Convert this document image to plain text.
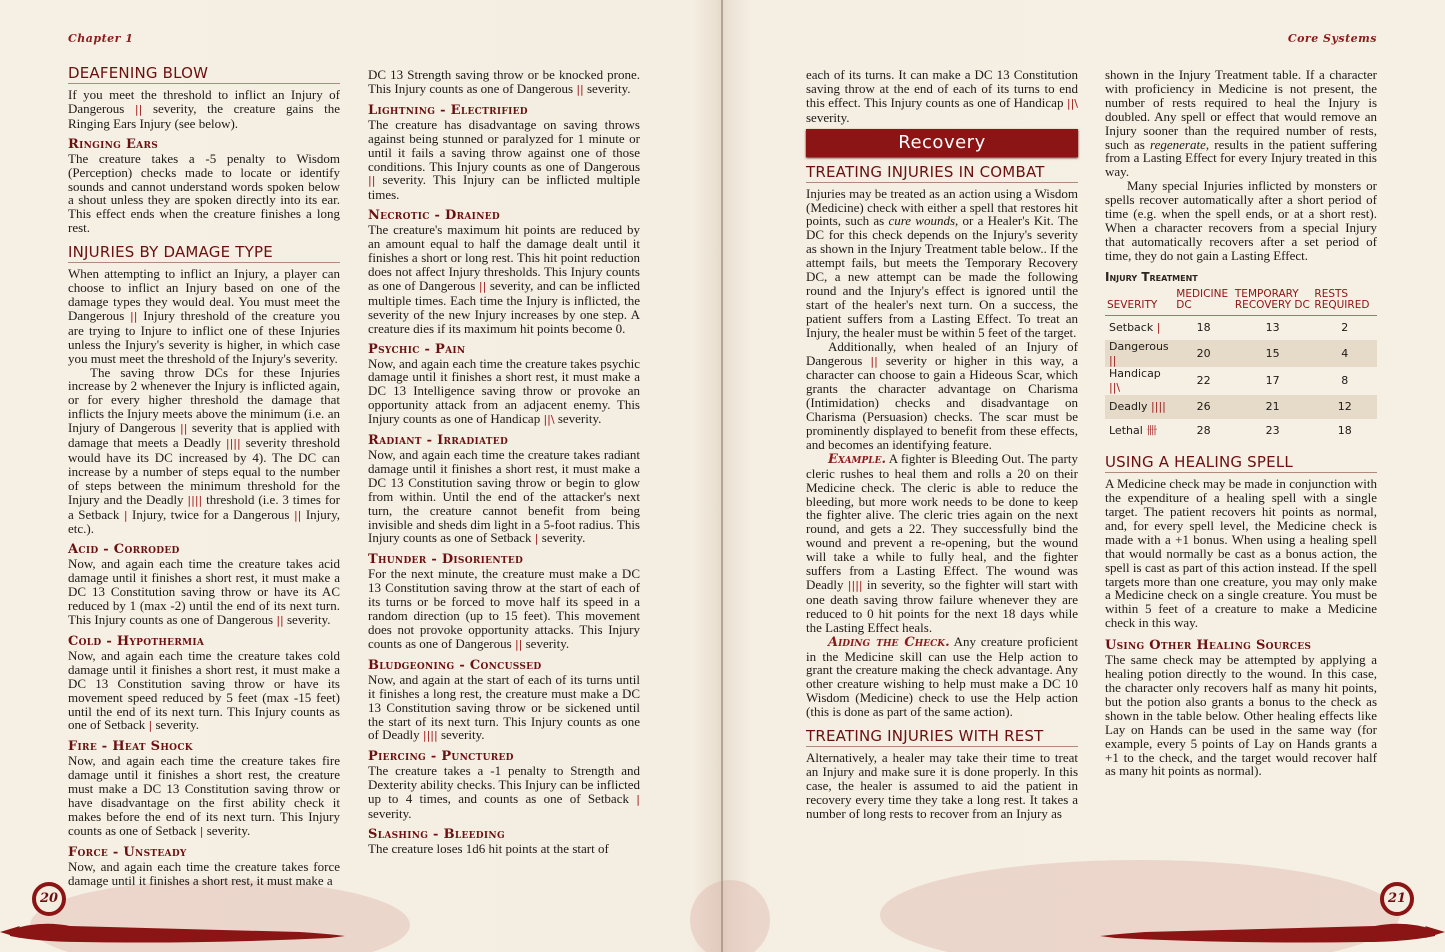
Chapter 1	Core Systems
DEAFENING BLOW

If you meet the threshold to inflict an Injury of Dangerous || severity, the creature gains the Ringing Ears Injury (see below).

Ringing Ears

The creature takes a -5 penalty to Wisdom (Perception) checks made to locate or identify sounds and cannot understand words spoken below a shout unless they are spoken directly into its ear. This effect ends when the creature finishes a long rest.

INJURIES BY DAMAGE TYPE

When attempting to inflict an Injury, a player can choose to inflict an Injury based on one of the damage types they would deal. You must meet the Dangerous || Injury threshold of the creature you are trying to Injure to inflict one of these Injuries unless the Injury's severity is higher, in which case you must meet the threshold of the Injury's severity.

The saving throw DCs for these Injuries increase by 2 whenever the Injury is inflicted again, or for every higher threshold the damage that inflicts the Injury meets above the minimum (i.e. an Injury of Dangerous || severity that is applied with damage that meets a Deadly |||| severity threshold would have its DC increased by 4). The DC can increase by a number of steps equal to the number of steps between the minimum threshold for the Injury and the Deadly |||| threshold (i.e. 3 times for a Setback | Injury, twice for a Dangerous || Injury, etc.).

Acid - Corroded

Now, and again each time the creature takes acid damage until it finishes a short rest, it must make a DC 13 Constitution saving throw or have its AC reduced by 1 (max -2) until the end of its next turn. This Injury counts as one of Dangerous || severity.

Cold - Hypothermia

Now, and again each time the creature takes cold damage until it finishes a short rest, it must make a DC 13 Constitution saving throw or have its movement speed reduced by 5 feet (max -15 feet) until the end of its next turn. This Injury counts as one of Setback | severity.

Fire - Heat Shock

Now, and again each time the creature takes fire damage until it finishes a short rest, the creature must make a DC 13 Constitution saving throw or have disadvantage on the first ability check it makes before the end of its next turn. This Injury counts as one of Setback | severity.

Force - Unsteady

Now, and again each time the creature takes force damage until it finishes a short rest, it must make a

DC 13 Strength saving throw or be knocked prone. This Injury counts as one of Dangerous || severity.

Lightning - Electrified

The creature has disadvantage on saving throws against being stunned or paralyzed for 1 minute or until it fails a saving throw against one of those conditions. This Injury counts as one of Dangerous || severity. This Injury can be inflicted multiple times.

Necrotic - Drained

The creature's maximum hit points are reduced by an amount equal to half the damage dealt until it finishes a short or long rest. This hit point reduction does not affect Injury thresholds. This Injury counts as one of Dangerous || severity, and can be inflicted multiple times. Each time the Injury is inflicted, the severity of the new Injury increases by one step. A creature dies if its maximum hit points become 0.

Psychic - Pain

Now, and again each time the creature takes psychic damage until it finishes a short rest, it must make a DC 13 Intelligence saving throw or provoke an opportunity attack from an adjacent enemy. This Injury counts as one of Handicap ||\ severity.

Radiant - Irradiated

Now, and again each time the creature takes radiant damage until it finishes a short rest, it must make a DC 13 Constitution saving throw or begin to glow from within. Until the end of the attacker's next turn, the creature cannot benefit from being invisible and sheds dim light in a 5-foot radius. This Injury counts as one of Setback | severity.

Thunder - Disoriented

For the next minute, the creature must make a DC 13 Constitution saving throw at the start of each of its turns or be forced to move half its speed in a random direction (up to 15 feet). This movement does not provoke opportunity attacks. This Injury counts as one of Dangerous || severity.

Bludgeoning - Concussed

Now, and again at the start of each of its turns until it finishes a long rest, the creature must make a DC 13 Constitution saving throw or be sickened until the start of its next turn. This Injury counts as one of Deadly |||| severity.

Piercing - Punctured

The creature takes a -1 penalty to Strength and Dexterity ability checks. This Injury can be inflicted up to 4 times, and counts as one of Setback | severity.

Slashing - Bleeding

The creature loses 1d6 hit points at the start of

each of its turns. It can make a DC 13 Constitution saving throw at the end of each of its turns to end this effect. This Injury counts as one of Handicap ||\ severity.

Recovery
TREATING INJURIES IN COMBAT

Injuries may be treated as an action using a Wisdom (Medicine) check with either a spell that restores hit points, such as cure wounds, or a Healer's Kit. The DC for this check depends on the Injury's severity as shown in the Injury Treatment table below.. If the attempt fails, but meets the Temporary Recovery DC, a new attempt can be made the following round and the Injury's effect is ignored until the start of the healer's next turn. On a success, the patient suffers from a Lasting Effect. To treat an Injury, the healer must be within 5 feet of the target.

Additionally, when healed of an Injury of Dangerous || severity or higher in this way, a character can choose to gain a Hideous Scar, which grants the character advantage on Charisma (Intimidation) checks and disadvantage on Charisma (Persuasion) checks. The scar must be prominently displayed to benefit from these effects, and becomes an identifying feature.

Example. A fighter is Bleeding Out. The party cleric rushes to heal them and rolls a 20 on their Medicine check. The cleric is able to reduce the bleeding, but more work needs to be done to keep the fighter alive. The cleric tries again on the next round, and gets a 22. They successfully bind the wound and prevent a re-opening, but the wound will take a while to fully heal, and the fighter suffers from a Lasting Effect. The wound was Deadly |||| in severity, so the fighter will start with one death saving throw failure whenever they are reduced to 0 hit points for the next 18 days while the Lasting Effect heals.

Aiding the Check. Any creature proficient in the Medicine skill can use the Help action to grant the creature making the check advantage. Any other creature wishing to help must make a DC 10 Wisdom (Medicine) check to use the Help action (this is done as part of the same action).

TREATING INJURIES WITH REST

Alternatively, a healer may take their time to treat an Injury and make sure it is done properly. In this case, the healer is assumed to aid the patient in recovery every time they take a long rest. It takes a number of long rests to recover from an Injury as

shown in the Injury Treatment table. If a character with proficiency in Medicine is not present, the number of rests required to heal the Injury is doubled. Any spell or effect that would remove an Injury sooner than the required number of rests, such as regenerate, results in the patient suffering from a Lasting Effect for every Injury treated in this way.

Many special Injuries inflicted by monsters or spells recover automatically after a short period of time (e.g. when the spell ends, or at a short rest). When a character recovers from a special Injury that automatically recovers after a set period of time, they do not gain a Lasting Effect.

Injury Treatment
SEVERITY	MEDICINE DC	TEMPORARY RECOVERY DC	RESTS REQUIRED
Setback |	18	13	2
Dangerous ||	20	15	4
Handicap ||\	22	17	8
Deadly ||||	26	21	12
Lethal 卌	28	23	18
USING A HEALING SPELL

A Medicine check may be made in conjunction with the expenditure of a healing spell with a single target. The patient recovers hit points as normal, and, for every spell level, the Medicine check is made with a +1 bonus. When using a healing spell that would normally be cast as a bonus action, the spell is cast as part of this action instead. If the spell targets more than one creature, you may only make a Medicine check on a single creature. You must be within 5 feet of a creature to make a Medicine check in this way.

Using Other Healing Sources

The same check may be attempted by applying a healing potion directly to the wound. In this case, the character only recovers half as many hit points, but the potion also grants a bonus to the check as shown in the table below. Other healing effects like Lay on Hands can be used in the same way (for example, every 5 points of Lay on Hands grants a +1 to the check, and the target would recover half as many hit points as normal).

20	21
